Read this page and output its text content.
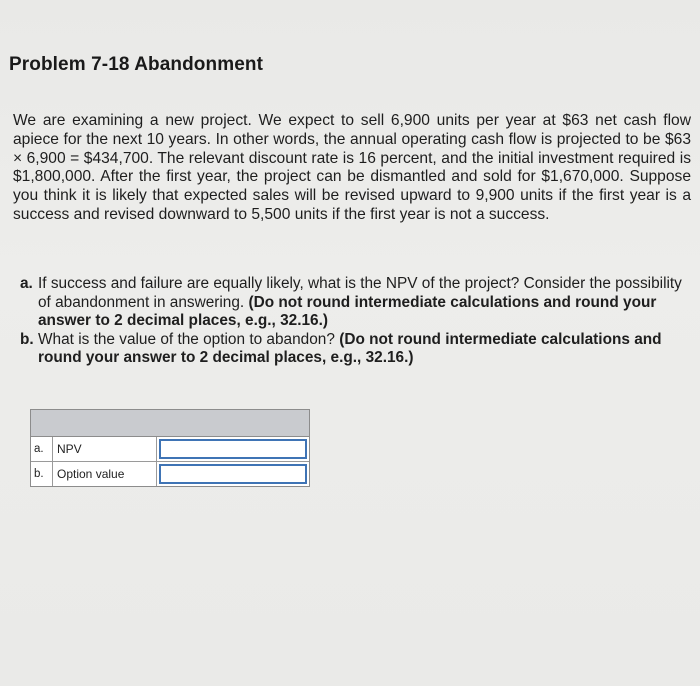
Problem 7-18 Abandonment
We are examining a new project. We expect to sell 6,900 units per year at $63 net cash flow apiece for the next 10 years. In other words, the annual operating cash flow is projected to be $63 × 6,900 = $434,700. The relevant discount rate is 16 percent, and the initial investment required is $1,800,000. After the first year, the project can be dismantled and sold for $1,670,000. Suppose you think it is likely that expected sales will be revised upward to 9,900 units if the first year is a success and revised downward to 5,500 units if the first year is not a success.
a. If success and failure are equally likely, what is the NPV of the project? Consider the possibility of abandonment in answering. (Do not round intermediate calculations and round your answer to 2 decimal places, e.g., 32.16.)
b. What is the value of the option to abandon? (Do not round intermediate calculations and round your answer to 2 decimal places, e.g., 32.16.)
a.	NPV
b.	Option value
